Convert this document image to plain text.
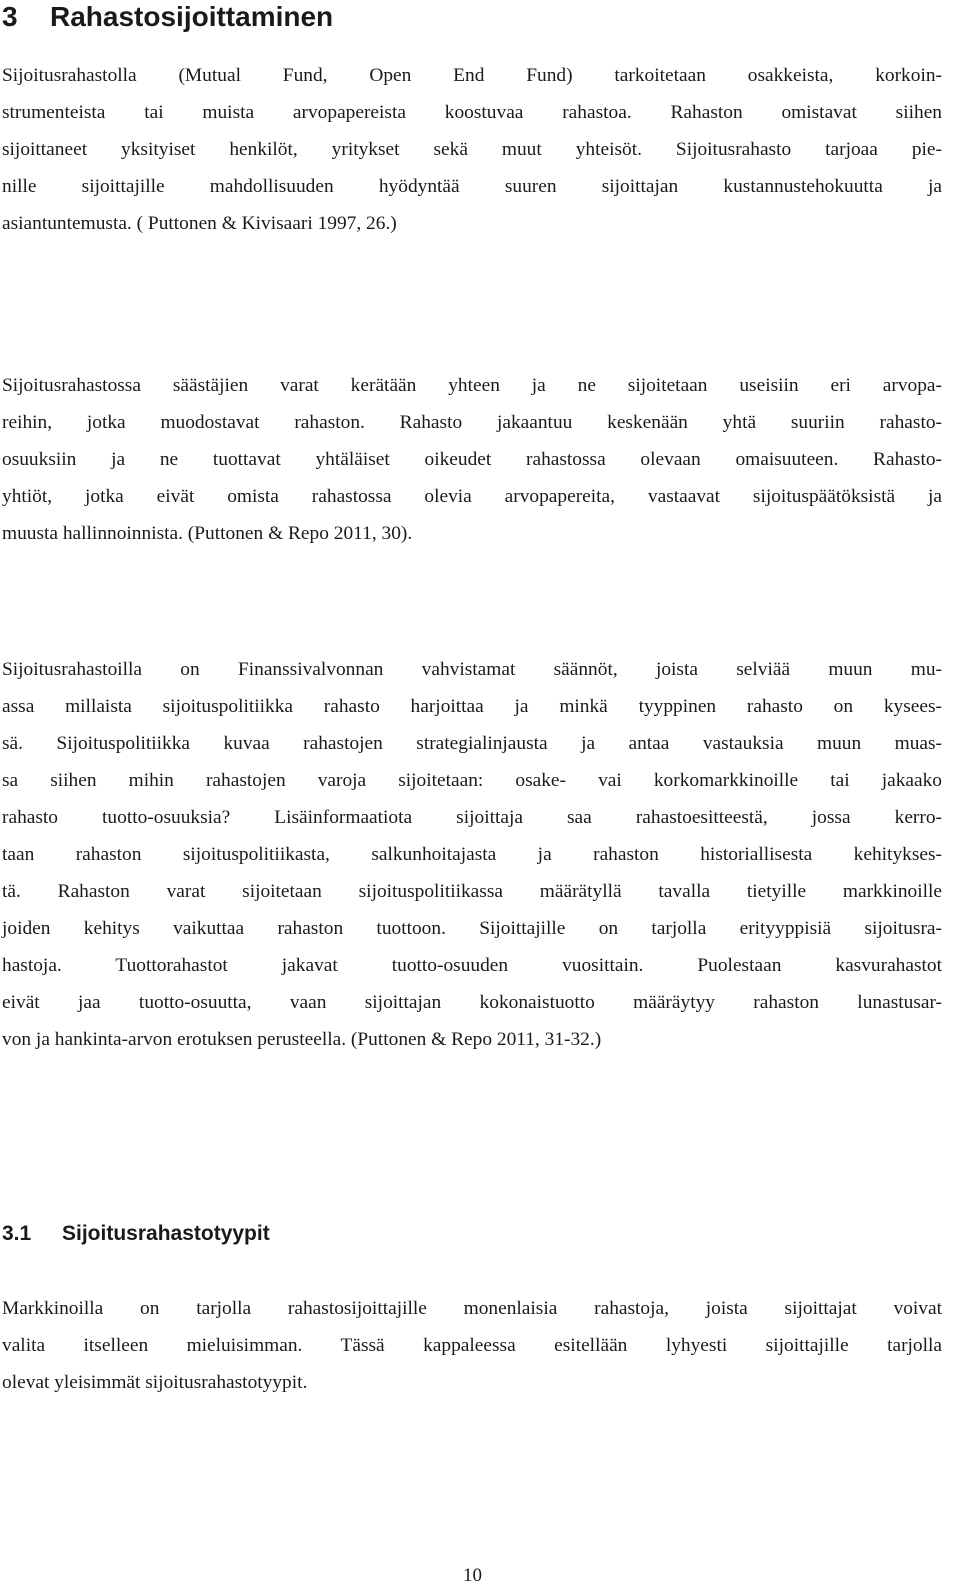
3 Rahastosijoittaminen
Sijoitusrahastolla (Mutual Fund, Open End Fund) tarkoitetaan osakkeista, korkoin-
strumenteista tai muista arvopapereista koostuvaa rahastoa. Rahaston omistavat siihen
sijoittaneet yksityiset henkilöt, yritykset sekä muut yhteisöt. Sijoitusrahasto tarjoaa pie-
nille sijoittajille mahdollisuuden hyödyntää suuren sijoittajan kustannustehokuutta ja
asiantuntemusta. ( Puttonen & Kivisaari 1997, 26.)
Sijoitusrahastossa säästäjien varat kerätään yhteen ja ne sijoitetaan useisiin eri arvopa-
reihin, jotka muodostavat rahaston. Rahasto jakaantuu keskenään yhtä suuriin rahasto-
osuuksiin ja ne tuottavat yhtäläiset oikeudet rahastossa olevaan omaisuuteen. Rahasto-
yhtiöt, jotka eivät omista rahastossa olevia arvopapereita, vastaavat sijoituspäätöksistä ja
muusta hallinnoinnista. (Puttonen & Repo 2011, 30).
Sijoitusrahastoilla on Finanssivalvonnan vahvistamat säännöt, joista selviää muun mu-
assa millaista sijoituspolitiikka rahasto harjoittaa ja minkä tyyppinen rahasto on kysees-
sä. Sijoituspolitiikka kuvaa rahastojen strategialinjausta ja antaa vastauksia muun muas-
sa siihen mihin rahastojen varoja sijoitetaan: osake- vai korkomarkkinoille tai jakaako
rahasto tuotto-osuuksia? Lisäinformaatiota sijoittaja saa rahastoesitteestä, jossa kerro-
taan rahaston sijoituspolitiikasta, salkunhoitajasta ja rahaston historiallisesta kehitykses-
tä. Rahaston varat sijoitetaan sijoituspolitiikassa määrätyllä tavalla tietyille markkinoille
joiden kehitys vaikuttaa rahaston tuottoon. Sijoittajille on tarjolla erityyppisiä sijoitusra-
hastoja. Tuottorahastot jakavat tuotto-osuuden vuosittain. Puolestaan kasvurahastot
eivät jaa tuotto-osuutta, vaan sijoittajan kokonaistuotto määräytyy rahaston lunastusar-
von ja hankinta-arvon erotuksen perusteella. (Puttonen & Repo 2011, 31-32.)
3.1 Sijoitusrahastotyypit
Markkinoilla on tarjolla rahastosijoittajille monenlaisia rahastoja, joista sijoittajat voivat
valita itselleen mieluisimman. Tässä kappaleessa esitellään lyhyesti sijoittajille tarjolla
olevat yleisimmät sijoitusrahastotyypit.
10
